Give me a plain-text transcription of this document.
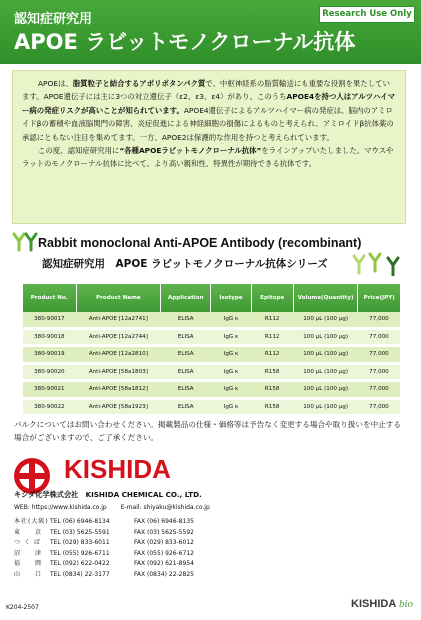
認知症研究用
APOE ラビットモノクローナル抗体
Research Use Only

APOEは、脂質粒子と結合するアポリポタンパク質で、中枢神経系の脂質輸送にも重要な役割を果たしています。APOE遺伝子には主に3つの対立遺伝子（ε2、ε3、ε4）があり、このうちAPOE4を持つ人はアルツハイマー病の発症リスクが高いことが知られています。APOE4遺伝子によるアルツハイマー病の発症は、脳内のアミロイドβの蓄積や血液脳関門の障害、炎症促進による神経細胞の損傷によるものと考えられ、アミロイドβ抗体薬の承認にともない注目を集めてます。一方、APOE2は保護的な作用を持つと考えられています。

この度、認知症研究用に“各種APOEラビットモノクローナル抗体”をラインアップいたしました。マウスやラットのモノクローナル抗体に比べて、より高い親和性、特異性が期待できる抗体です。

Rabbit monoclonal Anti-APOE Antibody (recombinant)
認知症研究用　APOE ラビットモノクローナル抗体シリーズ
Product No.	Product Name	Application	Isotype	Epitope	Volume(Quantity)	Price(JPY)
380-90017	Anti-APOE [12a2741]	ELISA	IgG κ	R112	100 µL (100 µg)	77,000
380-90018	Anti-APOE [12a2744]	ELISA	IgG κ	R112	100 µL (100 µg)	77,000
380-90019	Anti-APOE [12a2810]	ELISA	IgG κ	R112	100 µL (100 µg)	77,000
380-90020	Anti-APOE [58a1803]	ELISA	IgG κ	R158	100 µL (100 µg)	77,000
380-90021	Anti-APOE [58a1812]	ELISA	IgG κ	R158	100 µL (100 µg)	77,000
380-90022	Anti-APOE [58a1923]	ELISA	IgG κ	R158	100 µL (100 µg)	77,000
バルクについてはお問い合わせください。掲載製品の仕様・価格等は予告なく変更する場合や取り扱いを中止する場合がございますので、ご了承ください。
KISHIDA
キシダ化学株式会社　KISHIDA CHEMICAL CO., LTD.
WEB: https://www.kishida.co.jp E-mail: shiyaku@kishida.co.jp
本社(大阪) TEL (06) 6946-8134	FAX (06) 6946-8135
東　　京	TEL (03) 5625-5591	FAX (03) 5625-5592
つ く ば	TEL (029) 833-6011	FAX (029) 833-6012
沼　　津	TEL (055) 926-6711	FAX (055) 926-6712
福　　岡	TEL (092) 622-0422	FAX (092) 621-8954
山　　口	TEL (0834) 22-3177	FAX (0834) 22-2825
K204-2507	KISHIDA bio
